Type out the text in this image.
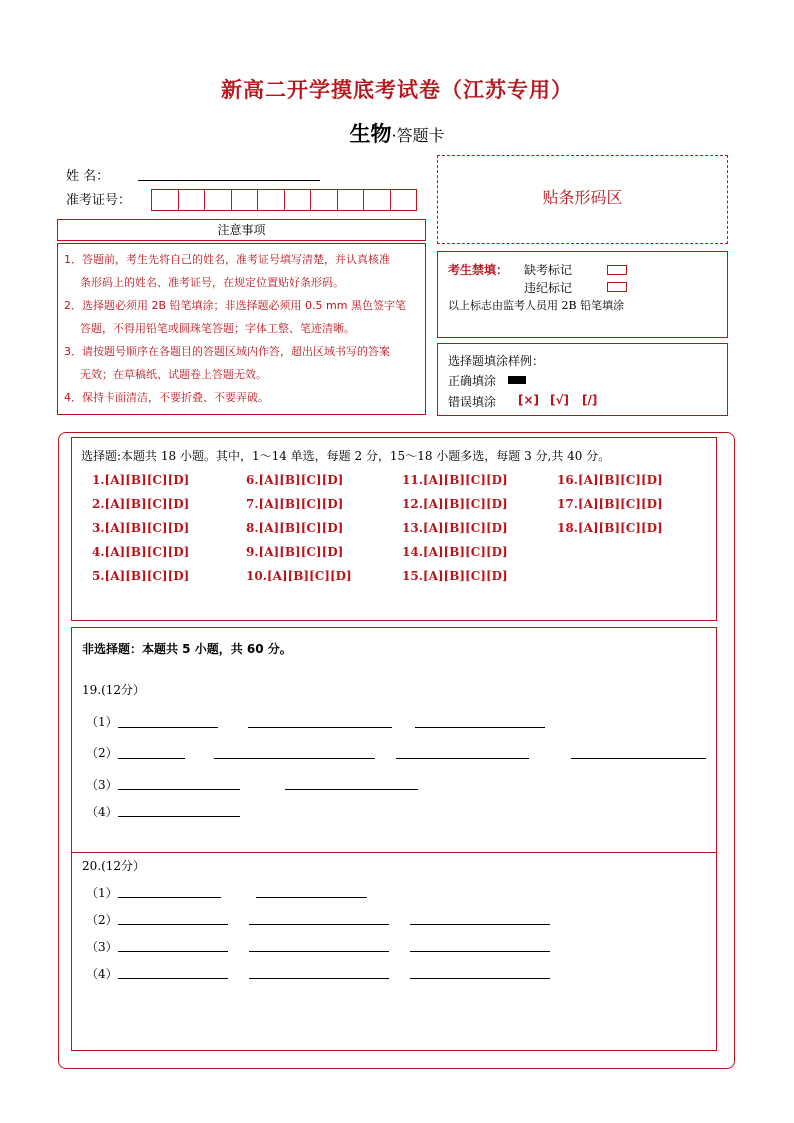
新高二开学摸底考试卷（江苏专用）
生物·答题卡
姓 名：
准考证号：
注意事项

1．答题前，考生先将自己的姓名，准考证号填写清楚，并认真核准

条形码上的姓名、准考证号，在规定位置贴好条形码。

2．选择题必须用 2B 铅笔填涂；非选择题必须用 0.5 mm 黑色签字笔

答题，不得用铅笔或圆珠笔答题；字体工整、笔迹清晰。

3．请按题号顺序在各题目的答题区域内作答，超出区域书写的答案

无效；在草稿纸、试题卷上答题无效。

4．保持卡面清洁，不要折叠、不要弄破。

贴条形码区
考生禁填： 缺考标记
违纪标记
以上标志由监考人员用 2B 铅笔填涂
选择题填涂样例：
正确填涂
错误填涂 [×] [√] [/]
选择题:本题共 18 小题。其中，1～14 单选，每题 2 分，15～18 小题多选，每题 3 分,共 40 分。
1.[A][B][C][D]
2.[A][B][C][D]
3.[A][B][C][D]
4.[A][B][C][D]
5.[A][B][C][D]
6.[A][B][C][D]
7.[A][B][C][D]
8.[A][B][C][D]
9.[A][B][C][D]
10.[A][B][C][D]
11.[A][B][C][D]
12.[A][B][C][D]
13.[A][B][C][D]
14.[A][B][C][D]
15.[A][B][C][D]
16.[A][B][C][D]
17.[A][B][C][D]
18.[A][B][C][D]
非选择题：本题共 5 小题，共 60 分。
19.(12分）
（1）
（2）
（3）
（4）
20.(12分）
（1）
（2）
（3）
（4）
